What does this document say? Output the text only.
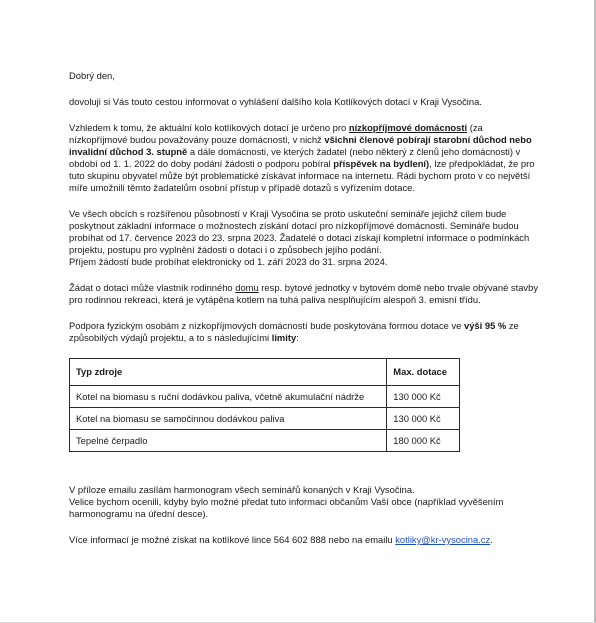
Dobrý den,

dovoluji si Vás touto cestou informovat o vyhlášení dalšího kola Kotlíkových dotací v Kraji Vysočina.

Vzhledem k tomu, že aktuální kolo kotlíkových dotací je určeno pro nízkopříjmové domácnosti (za nízkopříjmové budou považovány pouze domácnosti, v nichž všichni členové pobírají starobní důchod nebo invalidní důchod 3. stupně a dále domácnosti, ve kterých žadatel (nebo některý z členů jeho domácnosti) v období od 1. 1. 2022 do doby podání žádosti o podporu pobíral příspěvek na bydlení), lze předpokládat, že pro tuto skupinu obyvatel může být problematické získávat informace na internetu. Rádi bychom proto v co největší míře umožnili těmto žadatelům osobní přístup v případě dotazů s vyřízením dotace.

Ve všech obcích s rozšířenou působností v Kraji Vysočina se proto uskuteční semináře jejichž cílem bude poskytnout základní informace o možnostech získání dotací pro nízkopříjmové domácnosti. Semináře budou probíhat od 17. července 2023 do 23. srpna 2023. Žadatelé o dotaci získají kompletní informace o podmínkách projektu, postupu pro vyplnění žádosti o dotaci i o způsobech jejího podání.
Příjem žádostí bude probíhat elektronicky od 1. září 2023 do 31. srpna 2024.

Žádat o dotaci může vlastník rodinného domu resp. bytové jednotky v bytovém domě nebo trvale obývané stavby pro rodinnou rekreaci, která je vytápěna kotlem na tuhá paliva nesplňujícím alespoň 3. emisní třídu.

Podpora fyzickým osobám z nízkopříjmových domácností bude poskytována formou dotace ve výši 95 % ze způsobilých výdajů projektu, a to s následujícími limity:

Typ zdroje	Max. dotace
Kotel na biomasu s ruční dodávkou paliva, včetně akumulační nádrže	130 000 Kč
Kotel na biomasu se samočinnou dodávkou paliva	130 000 Kč
Tepelné čerpadlo	180 000 Kč

V příloze emailu zasílám harmonogram všech seminářů konaných v Kraji Vysočina.
Velice bychom ocenili, kdyby bylo možné předat tuto informaci občanům Vaší obce (například vyvěšením harmonogramu na úřední desce).

Více informací je možné získat na kotlíkové lince 564 602 888 nebo na emailu kotliky@kr-vysocina.cz.
